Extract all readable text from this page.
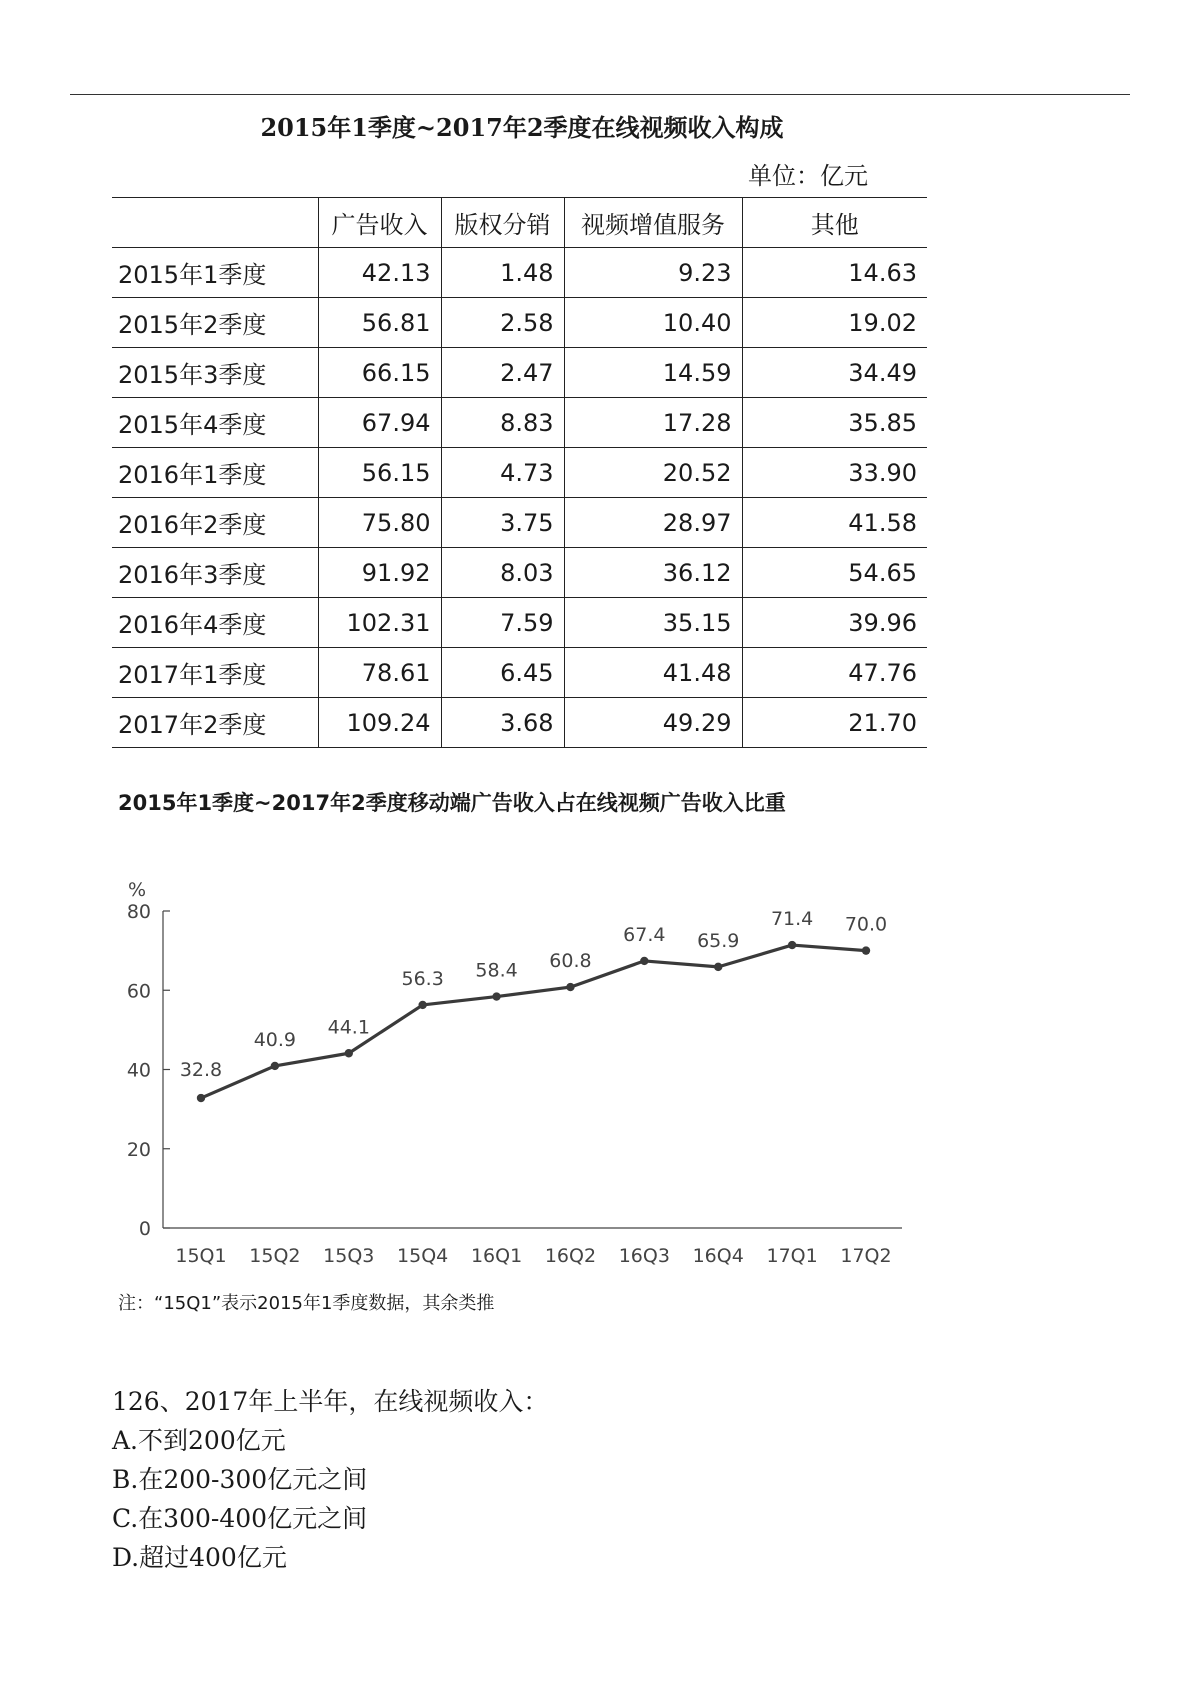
2015年1季度~2017年2季度在线视频收入构成
单位：亿元
	广告收入	版权分销	视频增值服务	其他
2015年1季度	42.13	1.48	9.23	14.63
2015年2季度	56.81	2.58	10.40	19.02
2015年3季度	66.15	2.47	14.59	34.49
2015年4季度	67.94	8.83	17.28	35.85
2016年1季度	56.15	4.73	20.52	33.90
2016年2季度	75.80	3.75	28.97	41.58
2016年3季度	91.92	8.03	36.12	54.65
2016年4季度	102.31	7.59	35.15	39.96
2017年1季度	78.61	6.45	41.48	47.76
2017年2季度	109.24	3.68	49.29	21.70
2015年1季度~2017年2季度移动端广告收入占在线视频广告收入比重
0
20
40
60
80
%
15Q1 15Q2 15Q3 15Q4 16Q1 16Q2 16Q3 16Q4 17Q1 17Q2
32.8
40.9
44.1
56.3 58.4 60.8
67.4 65.9
71.4 70.0
注：“15Q1”表示2015年1季度数据，其余类推
126、2017年上半年，在线视频收入：
A.不到200亿元
B.在200-300亿元之间
C.在300-400亿元之间
D.超过400亿元
